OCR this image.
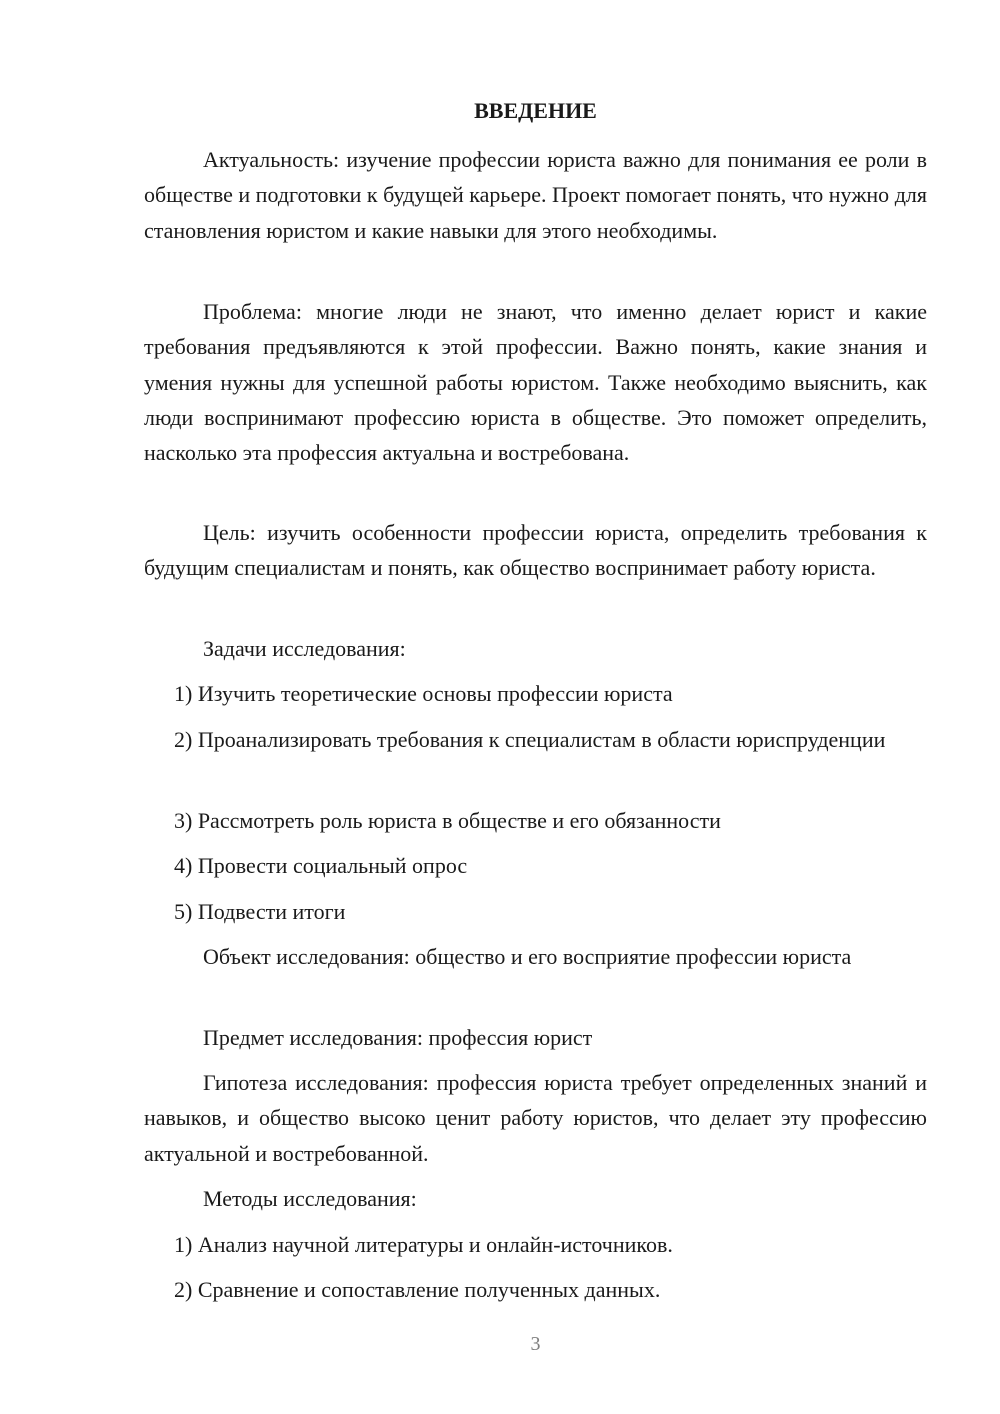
ВВЕДЕНИЕ

Актуальность: изучение профессии юриста важно для понимания ее роли в обществе и подготовки к будущей карьере. Проект помогает понять, что нужно для становления юристом и какие навыки для этого необходимы.

Проблема: многие люди не знают, что именно делает юрист и какие требования предъявляются к этой профессии. Важно понять, какие знания и умения нужны для успешной работы юристом. Также необходимо выяснить, как люди воспринимают профессию юриста в обществе. Это поможет определить, насколько эта профессия актуальна и востребована.

Цель: изучить особенности профессии юриста, определить требования к будущим специалистам и понять, как общество воспринимает работу юриста.

Задачи исследования:

1) Изучить теоретические основы профессии юриста

2) Проанализировать требования к специалистам в области юриспруденции

3) Рассмотреть роль юриста в обществе и его обязанности

4) Провести социальный опрос

5) Подвести итоги

Объект исследования: общество и его восприятие профессии юриста

Предмет исследования: профессия юрист

Гипотеза исследования: профессия юриста требует определенных знаний и навыков, и общество высоко ценит работу юристов, что делает эту профессию актуальной и востребованной.

Методы исследования:

1) Анализ научной литературы и онлайн-источников.

2) Сравнение и сопоставление полученных данных.

3
